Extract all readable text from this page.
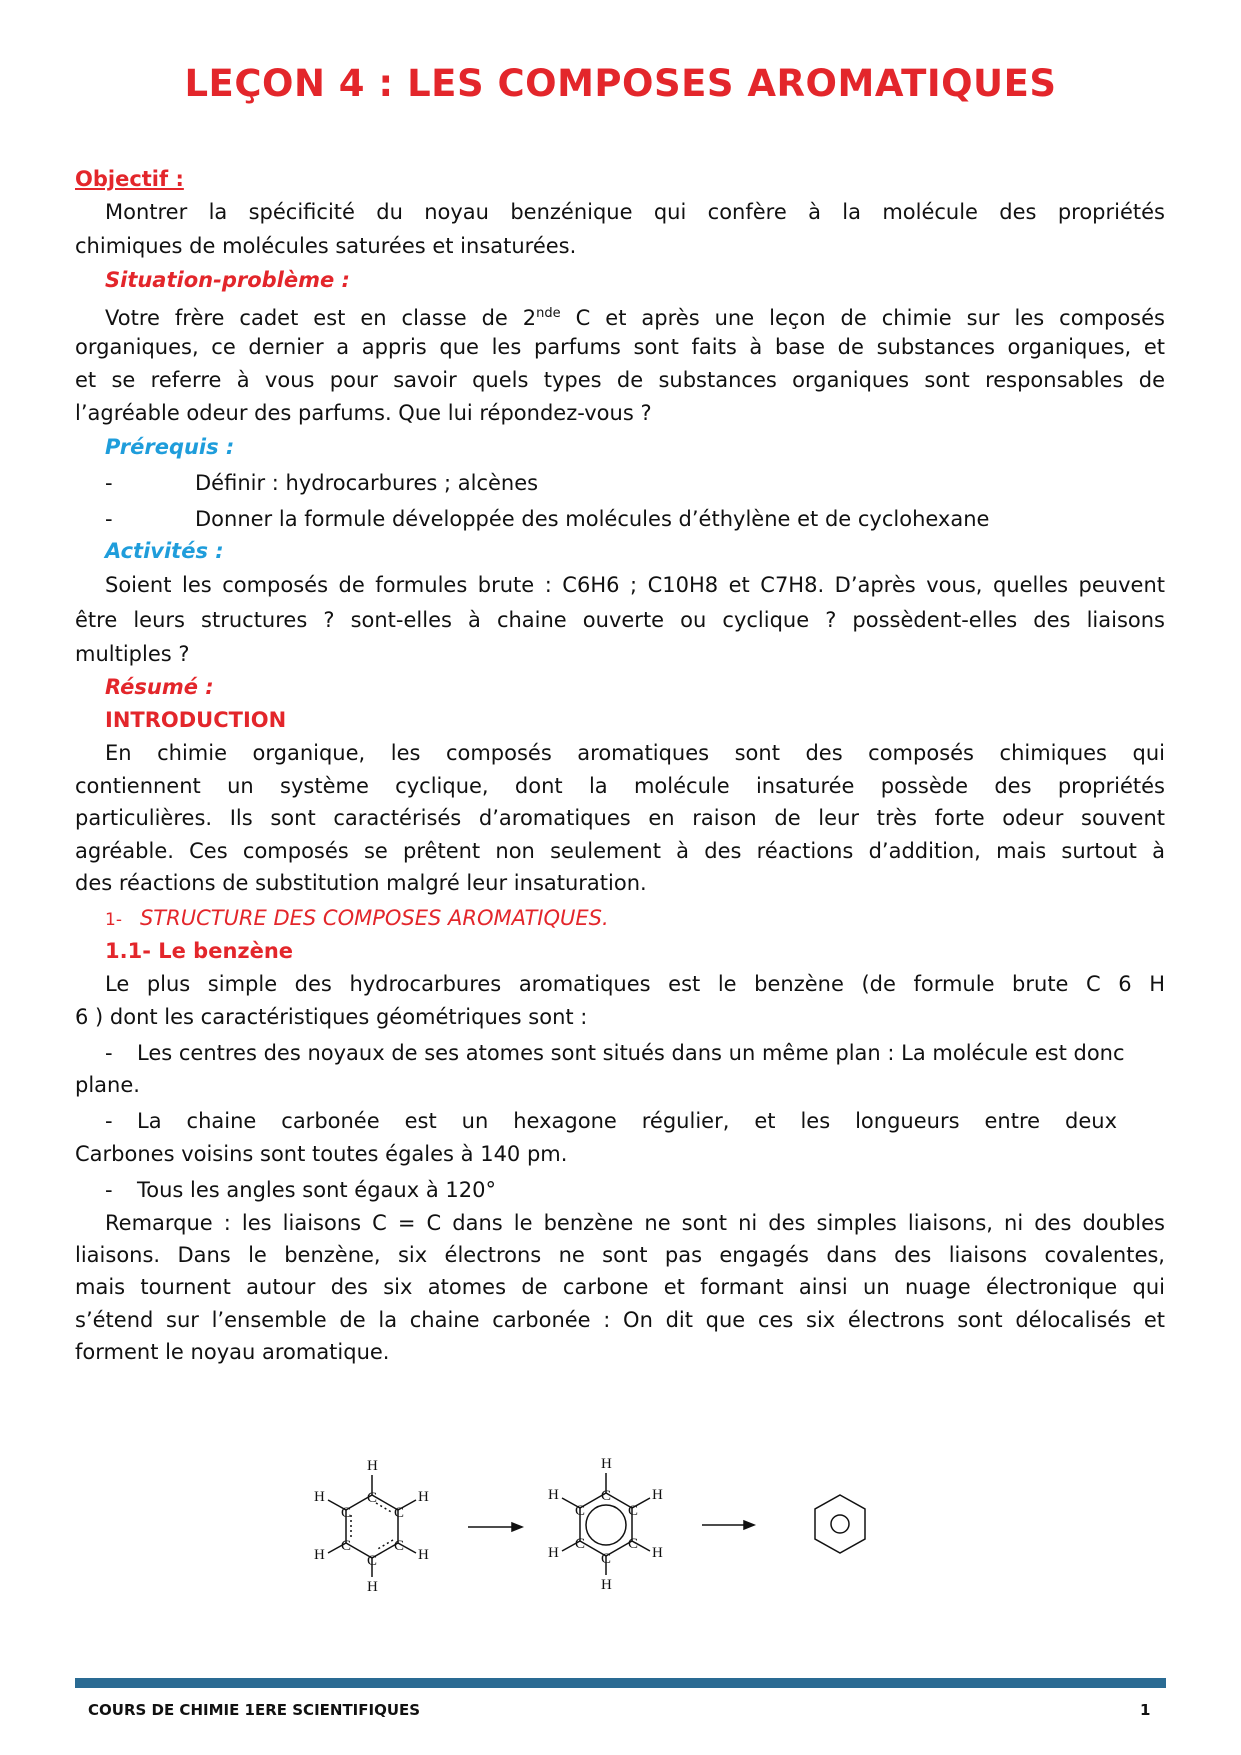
LEÇON 4 : LES COMPOSES AROMATIQUES
Objectif :
Montrer la spécificité du noyau benzénique qui confère à la molécule des propriétés
chimiques de molécules saturées et insaturées.
Situation-problème :
Votre frère cadet est en classe de 2nde C et après une leçon de chimie sur les composés
organiques, ce dernier a appris que les parfums sont faits à base de substances organiques, et
et se referre à vous pour savoir quels types de substances organiques sont responsables de
l’agréable odeur des parfums. Que lui répondez-vous ?
Prérequis :
-	Définir : hydrocarbures ; alcènes
-	Donner la formule développée des molécules d’éthylène et de cyclohexane
Activités :
Soient les composés de formules brute : C6H6 ; C10H8 et C7H8. D’après vous, quelles peuvent
être leurs structures ? sont-elles à chaine ouverte ou cyclique ? possèdent-elles des liaisons
multiples ?
Résumé :
INTRODUCTION
En chimie organique, les composés aromatiques sont des composés chimiques qui
contiennent un système cyclique, dont la molécule insaturée possède des propriétés
particulières. Ils sont caractérisés d’aromatiques en raison de leur très forte odeur souvent
agréable. Ces composés se prêtent non seulement à des réactions d’addition, mais surtout à
des réactions de substitution malgré leur insaturation.
1- STRUCTURE DES COMPOSES AROMATIQUES.
1.1- Le benzène
Le plus simple des hydrocarbures aromatiques est le benzène (de formule brute C 6 H
6 ) dont les caractéristiques géométriques sont :
- Les centres des noyaux de ses atomes sont situés dans un même plan : La molécule est donc
plane.
- La chaine carbonée est un hexagone régulier, et les longueurs entre deux
Carbones voisins sont toutes égales à 140 pm.
- Tous les angles sont égaux à 120°
Remarque : les liaisons C = C dans le benzène ne sont ni des simples liaisons, ni des doubles
liaisons. Dans le benzène, six électrons ne sont pas engagés dans des liaisons covalentes,
mais tournent autour des six atomes de carbone et formant ainsi un nuage électronique qui
s’étend sur l’ensemble de la chaine carbonée : On dit que ces six électrons sont délocalisés et
forment le noyau aromatique.
H
C
C
C
C
C
C
H
H
H
H
H
H
C
C
C
C
C
C
H
H
H
H
H
COURS DE CHIMIE 1ERE SCIENTIFIQUES	1
